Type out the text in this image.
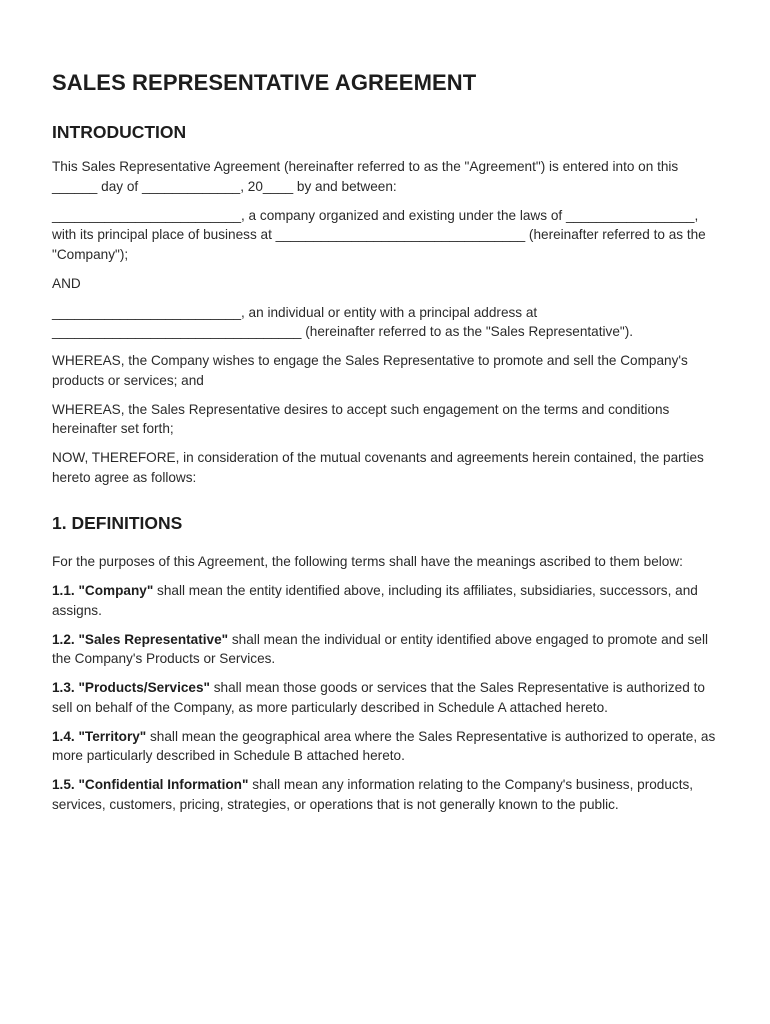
SALES REPRESENTATIVE AGREEMENT
INTRODUCTION

This Sales Representative Agreement (hereinafter referred to as the "Agreement") is entered into on this ______ day of _____________, 20____ by and between:

_________________________, a company organized and existing under the laws of _________________, with its principal place of business at _________________________________ (hereinafter referred to as the "Company");

AND

_________________________, an individual or entity with a principal address at _________________________________ (hereinafter referred to as the "Sales Representative").

WHEREAS, the Company wishes to engage the Sales Representative to promote and sell the Company's products or services; and

WHEREAS, the Sales Representative desires to accept such engagement on the terms and conditions hereinafter set forth;

NOW, THEREFORE, in consideration of the mutual covenants and agreements herein contained, the parties hereto agree as follows:

1. DEFINITIONS

For the purposes of this Agreement, the following terms shall have the meanings ascribed to them below:

1.1. "Company" shall mean the entity identified above, including its affiliates, subsidiaries, successors, and assigns.

1.2. "Sales Representative" shall mean the individual or entity identified above engaged to promote and sell the Company's Products or Services.

1.3. "Products/Services" shall mean those goods or services that the Sales Representative is authorized to sell on behalf of the Company, as more particularly described in Schedule A attached hereto.

1.4. "Territory" shall mean the geographical area where the Sales Representative is authorized to operate, as more particularly described in Schedule B attached hereto.

1.5. "Confidential Information" shall mean any information relating to the Company's business, products, services, customers, pricing, strategies, or operations that is not generally known to the public.
